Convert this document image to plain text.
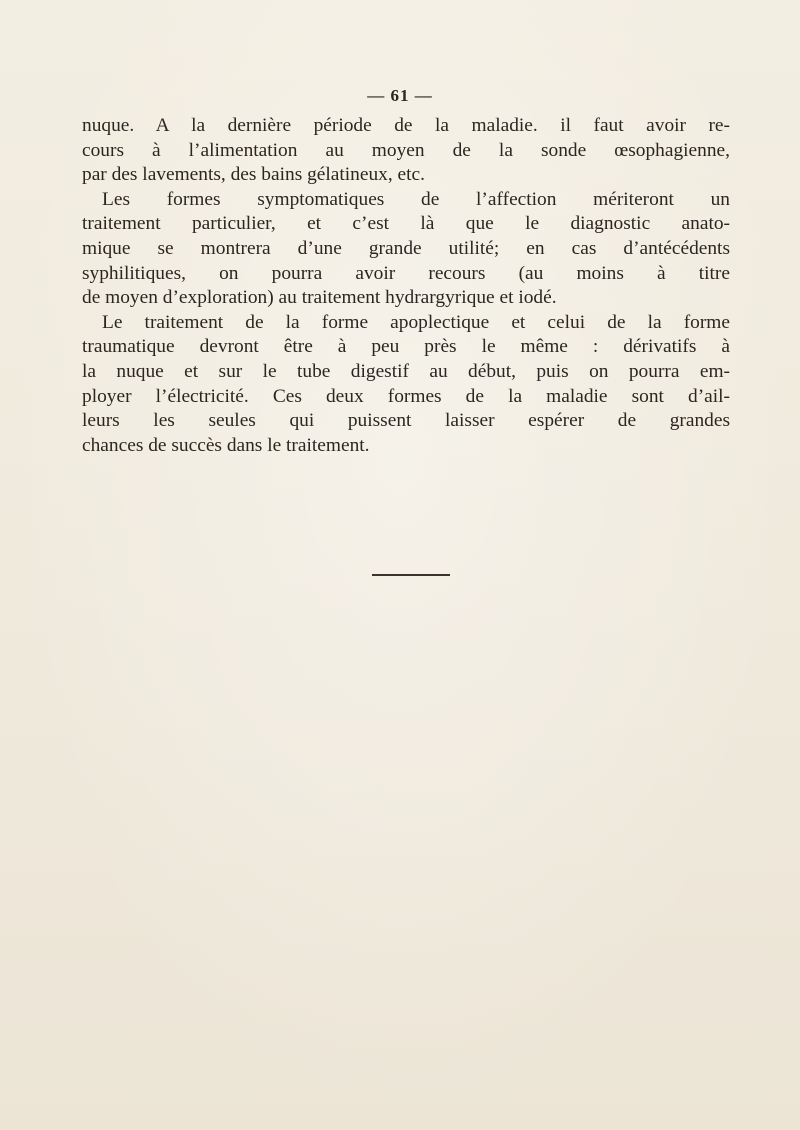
— 61 —
nuque. A la dernière période de la maladie. il faut avoir re-
cours à l’alimentation au moyen de la sonde œsophagienne,
par des lavements, des bains gélatineux, etc.
Les formes symptomatiques de l’affection mériteront un
traitement particulier, et c’est là que le diagnostic anato-
mique se montrera d’une grande utilité; en cas d’antécédents
syphilitiques, on pourra avoir recours (au moins à titre
de moyen d’exploration) au traitement hydrargyrique et iodé.
Le traitement de la forme apoplectique et celui de la forme
traumatique devront être à peu près le même : dérivatifs à
la nuque et sur le tube digestif au début, puis on pourra em-
ployer l’électricité. Ces deux formes de la maladie sont d’ail-
leurs les seules qui puissent laisser espérer de grandes
chances de succès dans le traitement.
